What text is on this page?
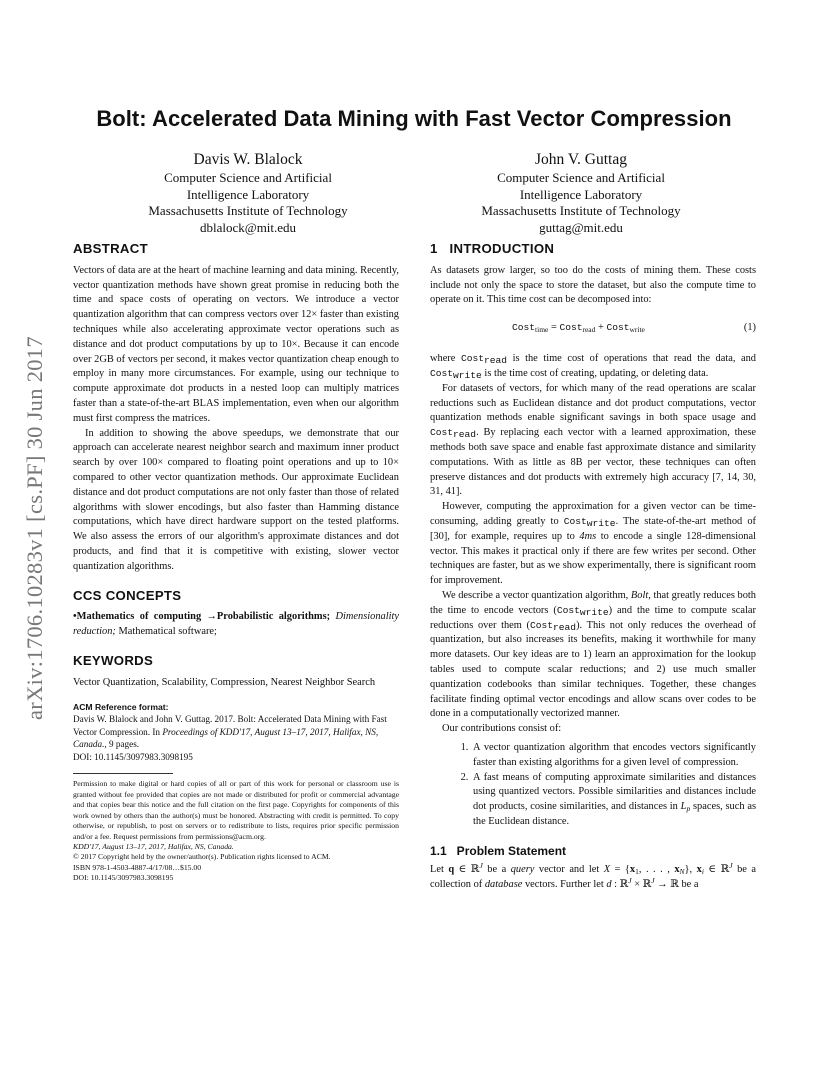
arXiv:1706.10283v1 [cs.PF] 30 Jun 2017
Bolt: Accelerated Data Mining with Fast Vector Compression
Davis W. Blalock
Computer Science and Artificial
Intelligence Laboratory
Massachusetts Institute of Technology
dblalock@mit.edu
John V. Guttag
Computer Science and Artificial
Intelligence Laboratory
Massachusetts Institute of Technology
guttag@mit.edu
ABSTRACT

Vectors of data are at the heart of machine learning and data mining. Recently, vector quantization methods have shown great promise in reducing both the time and space costs of operating on vectors. We introduce a vector quantization algorithm that can compress vectors over 12× faster than existing techniques while also accelerating approximate vector operations such as distance and dot product computations by up to 10×. Because it can encode over 2GB of vectors per second, it makes vector quantization cheap enough to employ in many more circumstances. For example, using our technique to compute approximate dot products in a nested loop can multiply matrices faster than a state-of-the-art BLAS implementation, even when our algorithm must first compress the matrices.

In addition to showing the above speedups, we demonstrate that our approach can accelerate nearest neighbor search and maximum inner product search by over 100× compared to floating point operations and up to 10× compared to other vector quantization methods. Our approximate Euclidean distance and dot product computations are not only faster than those of related algorithms with slower encodings, but also faster than Hamming distance computations, which have direct hardware support on the tested platforms. We also assess the errors of our algorithm's approximate distances and dot products, and find that it is competitive with existing, slower vector quantization algorithms.

CCS CONCEPTS

•Mathematics of computing →Probabilistic algorithms; Dimensionality reduction; Mathematical software;

KEYWORDS

Vector Quantization, Scalability, Compression, Nearest Neighbor Search

ACM Reference format:
Davis W. Blalock and John V. Guttag. 2017. Bolt: Accelerated Data Mining with Fast Vector Compression. In Proceedings of KDD'17, August 13–17, 2017, Halifax, NS, Canada., 9 pages.
DOI: 10.1145/3097983.3098195
Permission to make digital or hard copies of all or part of this work for personal or classroom use is granted without fee provided that copies are not made or distributed for profit or commercial advantage and that copies bear this notice and the full citation on the first page. Copyrights for components of this work owned by others than the author(s) must be honored. Abstracting with credit is permitted. To copy otherwise, or republish, to post on servers or to redistribute to lists, requires prior specific permission and/or a fee. Request permissions from permissions@acm.org.
KDD'17, August 13–17, 2017, Halifax, NS, Canada.
© 2017 Copyright held by the owner/author(s). Publication rights licensed to ACM.
ISBN 978-1-4503-4887-4/17/08…$15.00
DOI: 10.1145/3097983.3098195
1   INTRODUCTION

As datasets grow larger, so too do the costs of mining them. These costs include not only the space to store the dataset, but also the compute time to operate on it. This time cost can be decomposed into:

Cost$_{time}$ = Cost$_{read}$ + Cost$_{write}$	(1)

where Cost$_{read}$ is the time cost of operations that read the data, and Cost$_{write}$ is the time cost of creating, updating, or deleting data.

For datasets of vectors, for which many of the read operations are scalar reductions such as Euclidean distance and dot product computations, vector quantization methods enable significant savings in both space usage and Cost$_{read}$. By replacing each vector with a learned approximation, these methods both save space and enable fast approximate distance and similarity computations. With as little as 8B per vector, these techniques can often preserve distances and dot products with extremely high accuracy [7, 14, 30, 31, 41].

However, computing the approximation for a given vector can be time-consuming, adding greatly to Cost$_{write}$. The state-of-the-art method of [30], for example, requires up to 4ms to encode a single 128-dimensional vector. This makes it practical only if there are few writes per second. Other techniques are faster, but as we show experimentally, there is significant room for improvement.

We describe a vector quantization algorithm, Bolt, that greatly reduces both the time to encode vectors (Cost$_{write}$) and the time to compute scalar reductions over them (Cost$_{read}$). This not only reduces the overhead of quantization, but also increases its benefits, making it worthwhile for many more datasets. Our key ideas are to 1) learn an approximation for the lookup tables used to compute scalar reductions; and 2) use much smaller quantization codebooks than similar techniques. Together, these changes facilitate finding optimal vector encodings and allow scans over codes to be done in a computationally vectorized manner.

Our contributions consist of:

1. A vector quantization algorithm that encodes vectors significantly faster than existing algorithms for a given level of compression.
2. A fast means of computing approximate similarities and distances using quantized vectors. Possible similarities and distances include dot products, cosine similarities, and distances in $L_p$ spaces, such as the Euclidean distance.
1.1   Problem Statement

Let q ∈ ℝ$^J$ be a query vector and let $X = \{x_1$, . . . , $x_N$}, $x_i$ ∈ ℝ$^J$ be a collection of database vectors. Further let d : ℝ$^J$ × ℝ$^J$ → ℝ be a
